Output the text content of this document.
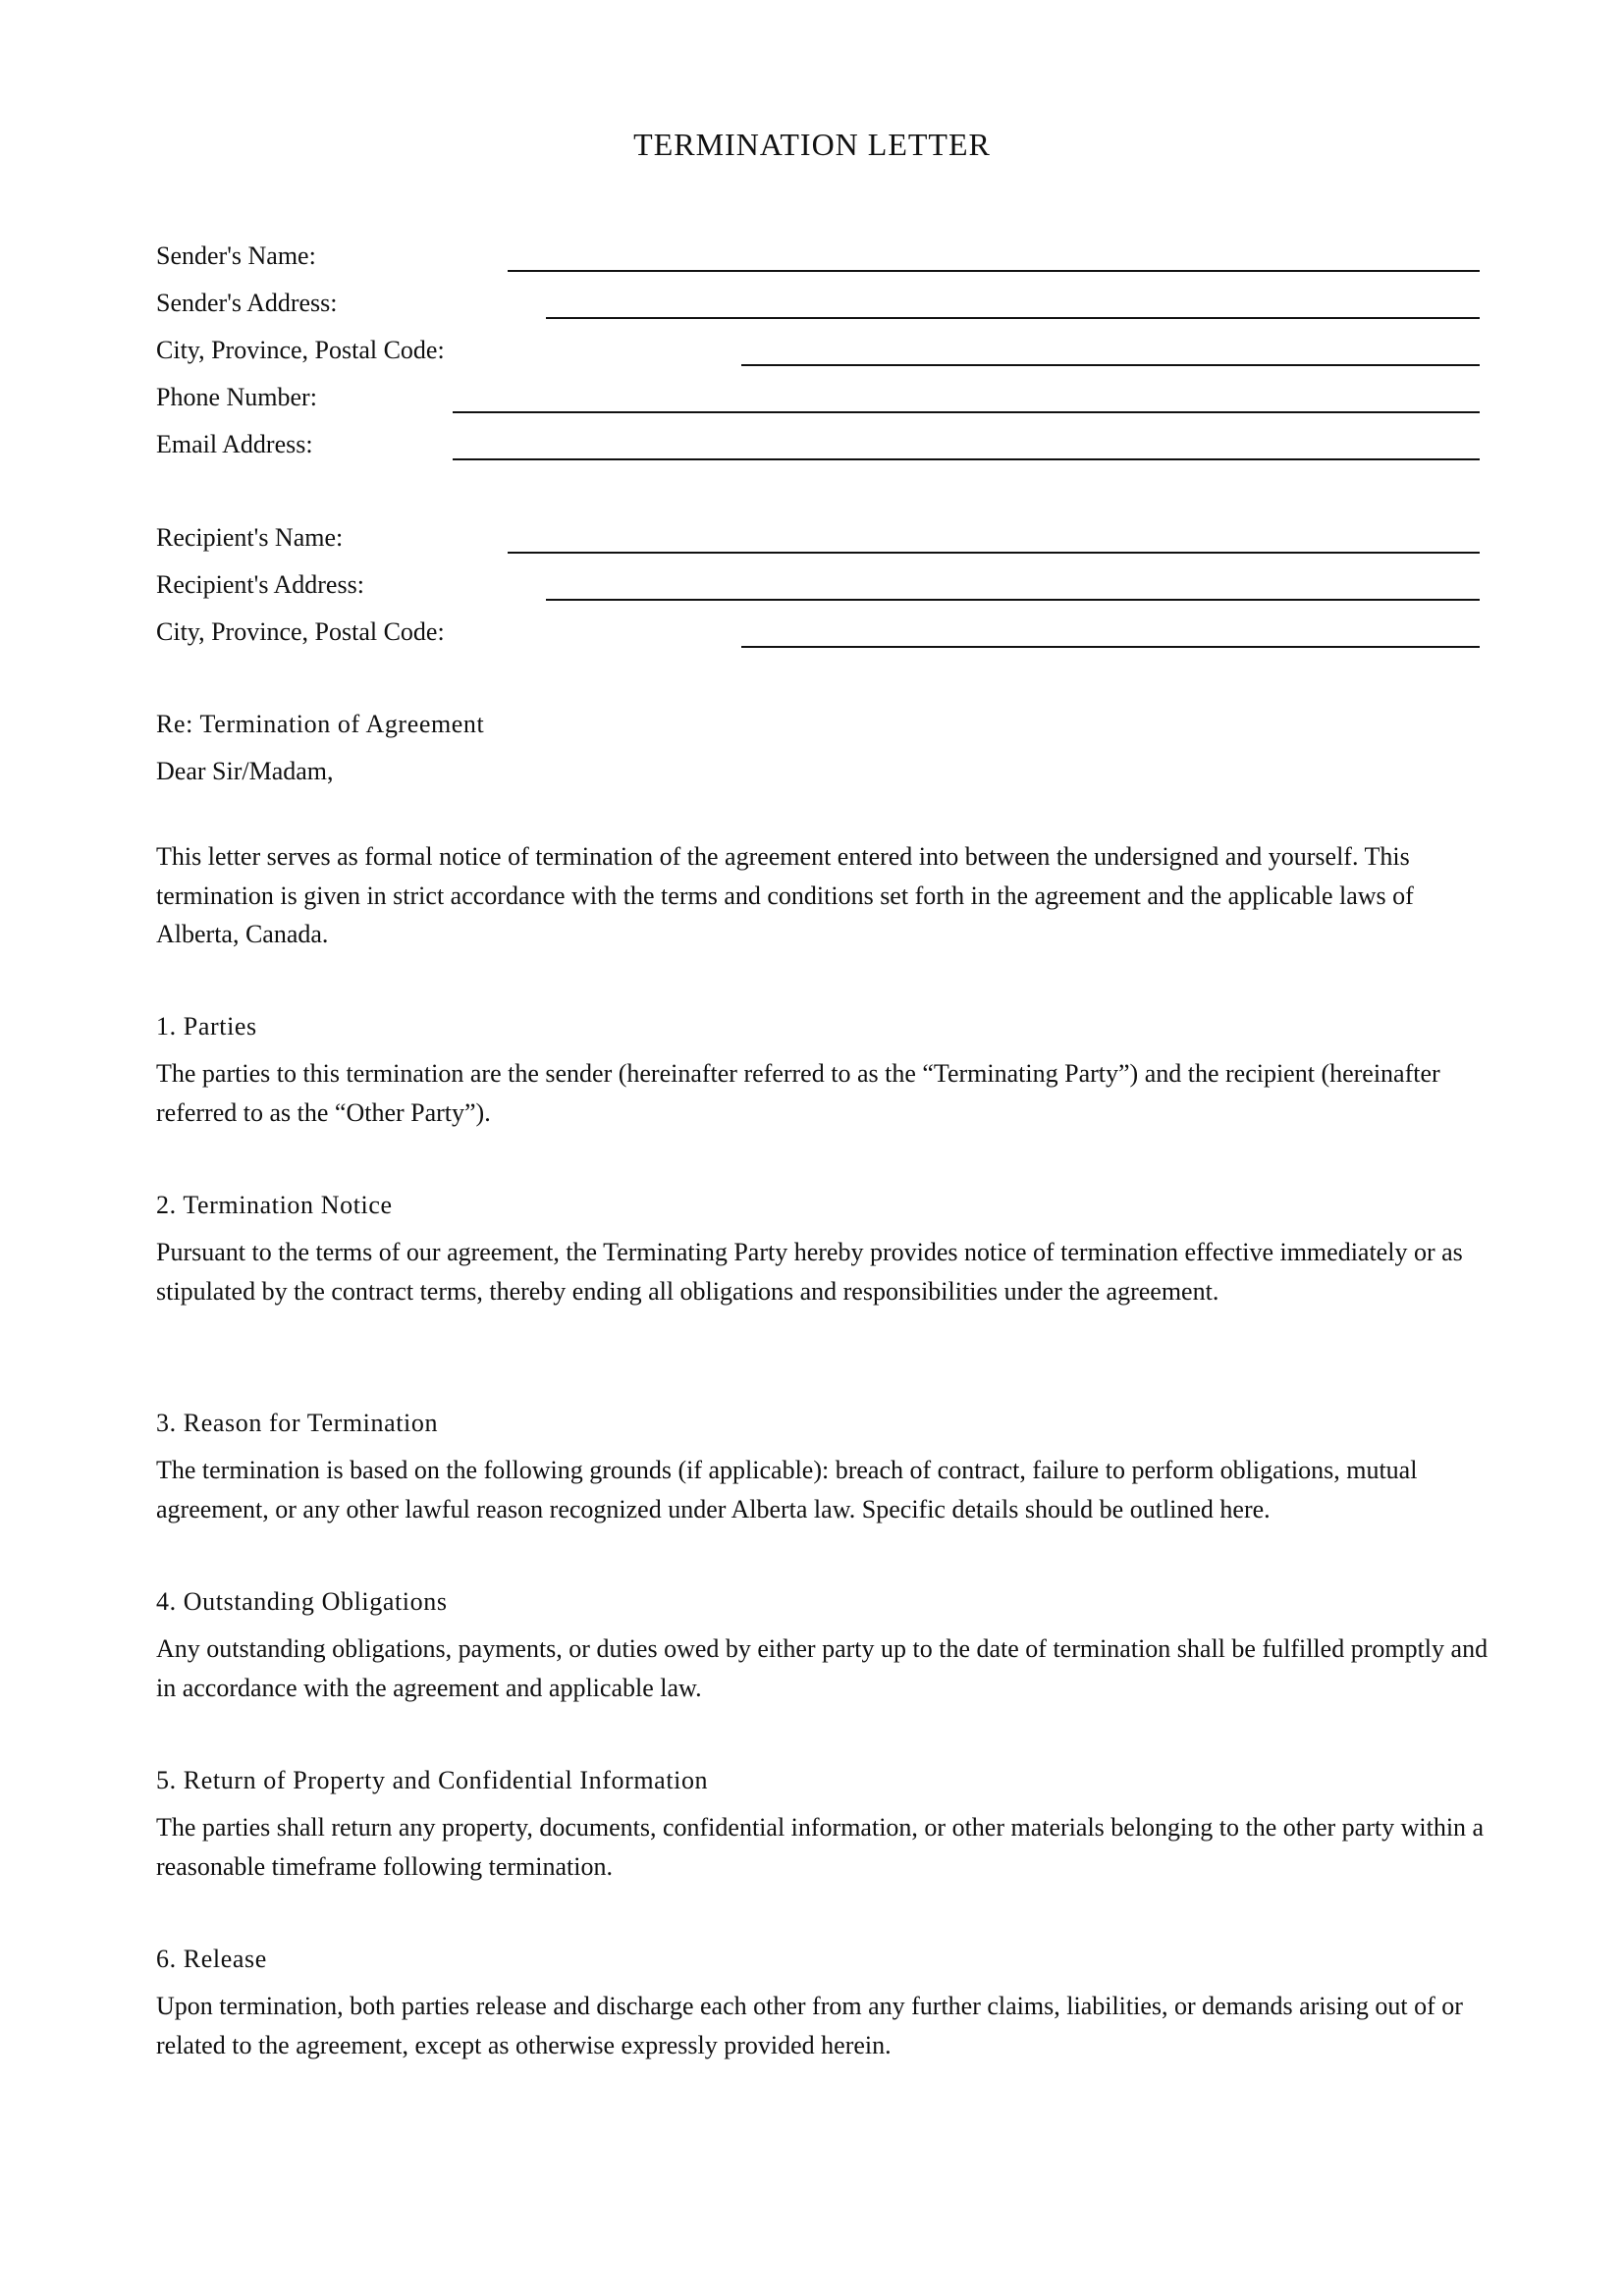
TERMINATION LETTER
Sender's Name:
Sender's Address:
City, Province, Postal Code:
Phone Number:
Email Address:
Recipient's Name:
Recipient's Address:
City, Province, Postal Code:
Re: Termination of Agreement
Dear Sir/Madam,
This letter serves as formal notice of termination of the agreement entered into between the undersigned and yourself. This termination is given in strict accordance with the terms and conditions set forth in the agreement and the applicable laws of Alberta, Canada.
1. Parties
The parties to this termination are the sender (hereinafter referred to as the “Terminating Party”) and the recipient (hereinafter referred to as the “Other Party”).
2. Termination Notice
Pursuant to the terms of our agreement, the Terminating Party hereby provides notice of termination effective immediately or as stipulated by the contract terms, thereby ending all obligations and responsibilities under the agreement.
3. Reason for Termination
The termination is based on the following grounds (if applicable): breach of contract, failure to perform obligations, mutual agreement, or any other lawful reason recognized under Alberta law. Specific details should be outlined here.
4. Outstanding Obligations
Any outstanding obligations, payments, or duties owed by either party up to the date of termination shall be fulfilled promptly and in accordance with the agreement and applicable law.
5. Return of Property and Confidential Information
The parties shall return any property, documents, confidential information, or other materials belonging to the other party within a reasonable timeframe following termination.
6. Release
Upon termination, both parties release and discharge each other from any further claims, liabilities, or demands arising out of or related to the agreement, except as otherwise expressly provided herein.
